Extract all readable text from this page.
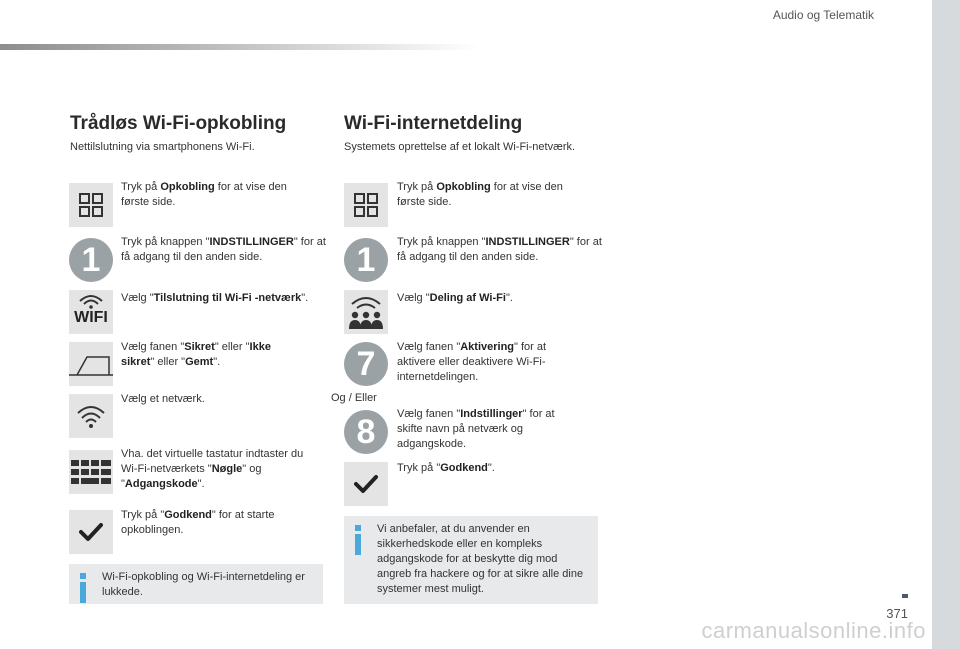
Audio og Telematik
Trådløs Wi-Fi-opkobling
Nettilslutning via smartphonens Wi-Fi.
Tryk på Opkobling for at vise den første side.
1	Tryk på knappen "INDSTILLINGER" for at få adgang til den anden side.
WIFI
Vælg "Tilslutning til Wi-Fi -netværk".
Vælg fanen "Sikret" eller "Ikke sikret" eller "Gemt".
Vælg et netværk.
Vha. det virtuelle tastatur indtaster du Wi-Fi-netværkets "Nøgle" og "Adgangskode".
Tryk på "Godkend" for at starte opkoblingen.
Wi-Fi-opkobling og Wi-Fi-internetdeling er lukkede.
Wi-Fi-internetdeling
Systemets oprettelse af et lokalt Wi-Fi-netværk.
Tryk på Opkobling for at vise den første side.
1	Tryk på knappen "INDSTILLINGER" for at få adgang til den anden side.
Vælg "Deling af Wi-Fi".
7	Vælg fanen "Aktivering" for at aktivere eller deaktivere Wi-Fi-internetdelingen.
Og / Eller
8	Vælg fanen "Indstillinger" for at skifte navn på netværk og adgangskode.
Tryk på "Godkend".
Vi anbefaler, at du anvender en sikkerhedskode eller en kompleks adgangskode for at beskytte dig mod angreb fra hackere og for at sikre alle dine systemer mest muligt.
371
carmanualsonline.info
